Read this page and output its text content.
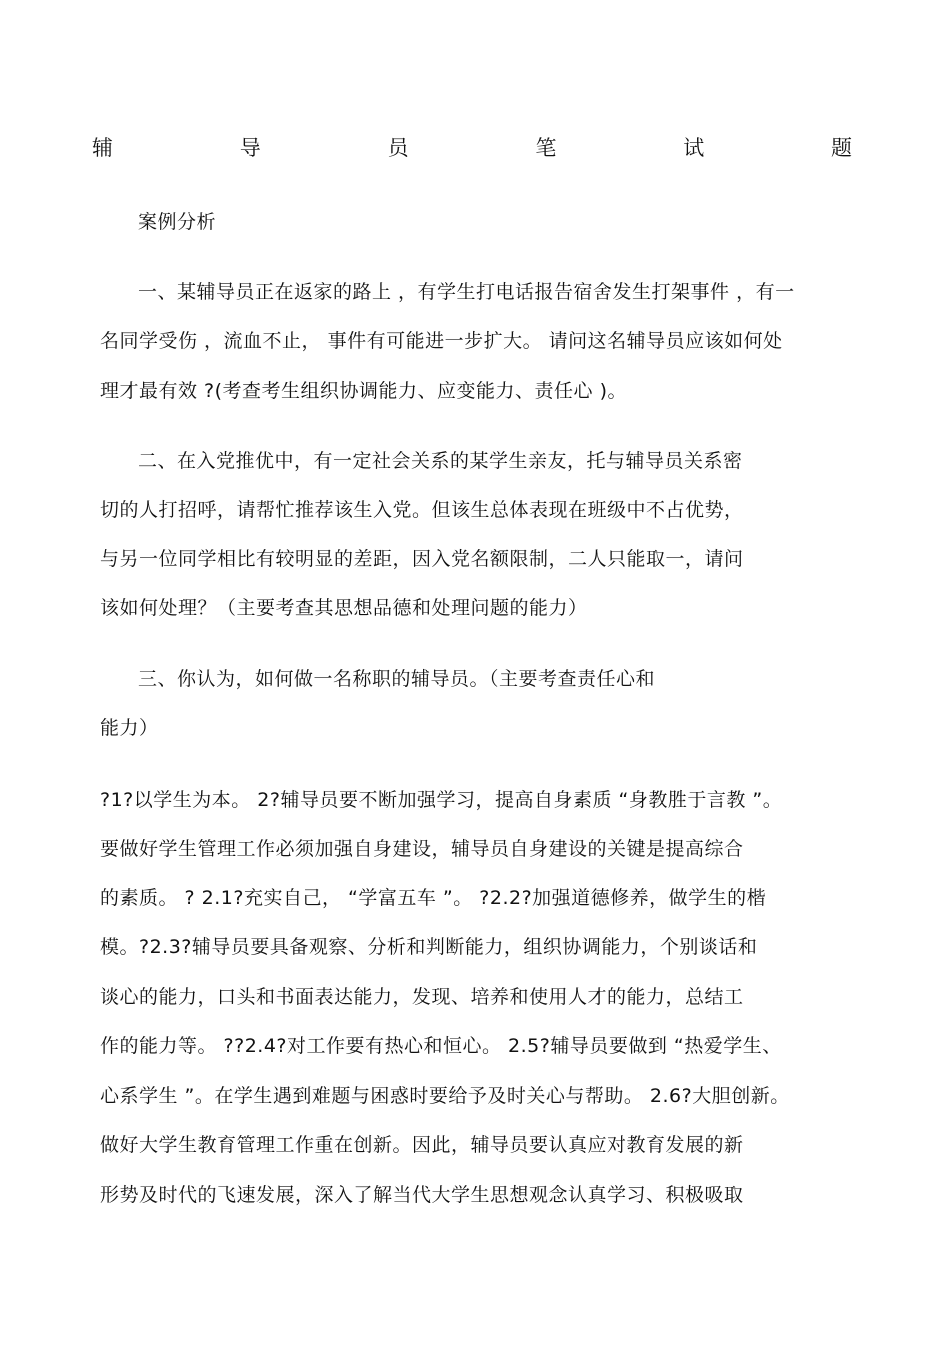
辅	导	员	笔	试	题
案例分析
一、某辅导员正在返家的路上 ，有学生打电话报告宿舍发生打架事件 ，有一
名同学受伤 ，流血不止， 事件有可能进一步扩大。 请问这名辅导员应该如何处
理才最有效 ?(考查考生组织协调能力、应变能力、责任心 )。
二、在入党推优中，有一定社会关系的某学生亲友，托与辅导员关系密
切的人打招呼，请帮忙推荐该生入党。但该生总体表现在班级中不占优势，
与另一位同学相比有较明显的差距，因入党名额限制，二人只能取一，请问
该如何处理？（主要考查其思想品德和处理问题的能力）
三、你认为，如何做一名称职的辅导员。（主要考查责任心和
能力）
?1?以学生为本。 2?辅导员要不断加强学习，提高自身素质 “身教胜于言教 ”。
要做好学生管理工作必须加强自身建设，辅导员自身建设的关键是提高综合
的素质。 ? 2.1?充实自己， “学富五车 ”。 ?2.2?加强道德修养，做学生的楷
模。?2.3?辅导员要具备观察、分析和判断能力，组织协调能力，个别谈话和
谈心的能力，口头和书面表达能力，发现、培养和使用人才的能力，总结工
作的能力等。 ??2.4?对工作要有热心和恒心。 2.5?辅导员要做到 “热爱学生、
心系学生 ”。在学生遇到难题与困惑时要给予及时关心与帮助。 2.6?大胆创新。
做好大学生教育管理工作重在创新。因此，辅导员要认真应对教育发展的新
形势及时代的飞速发展，深入了解当代大学生思想观念认真学习、积极吸取
